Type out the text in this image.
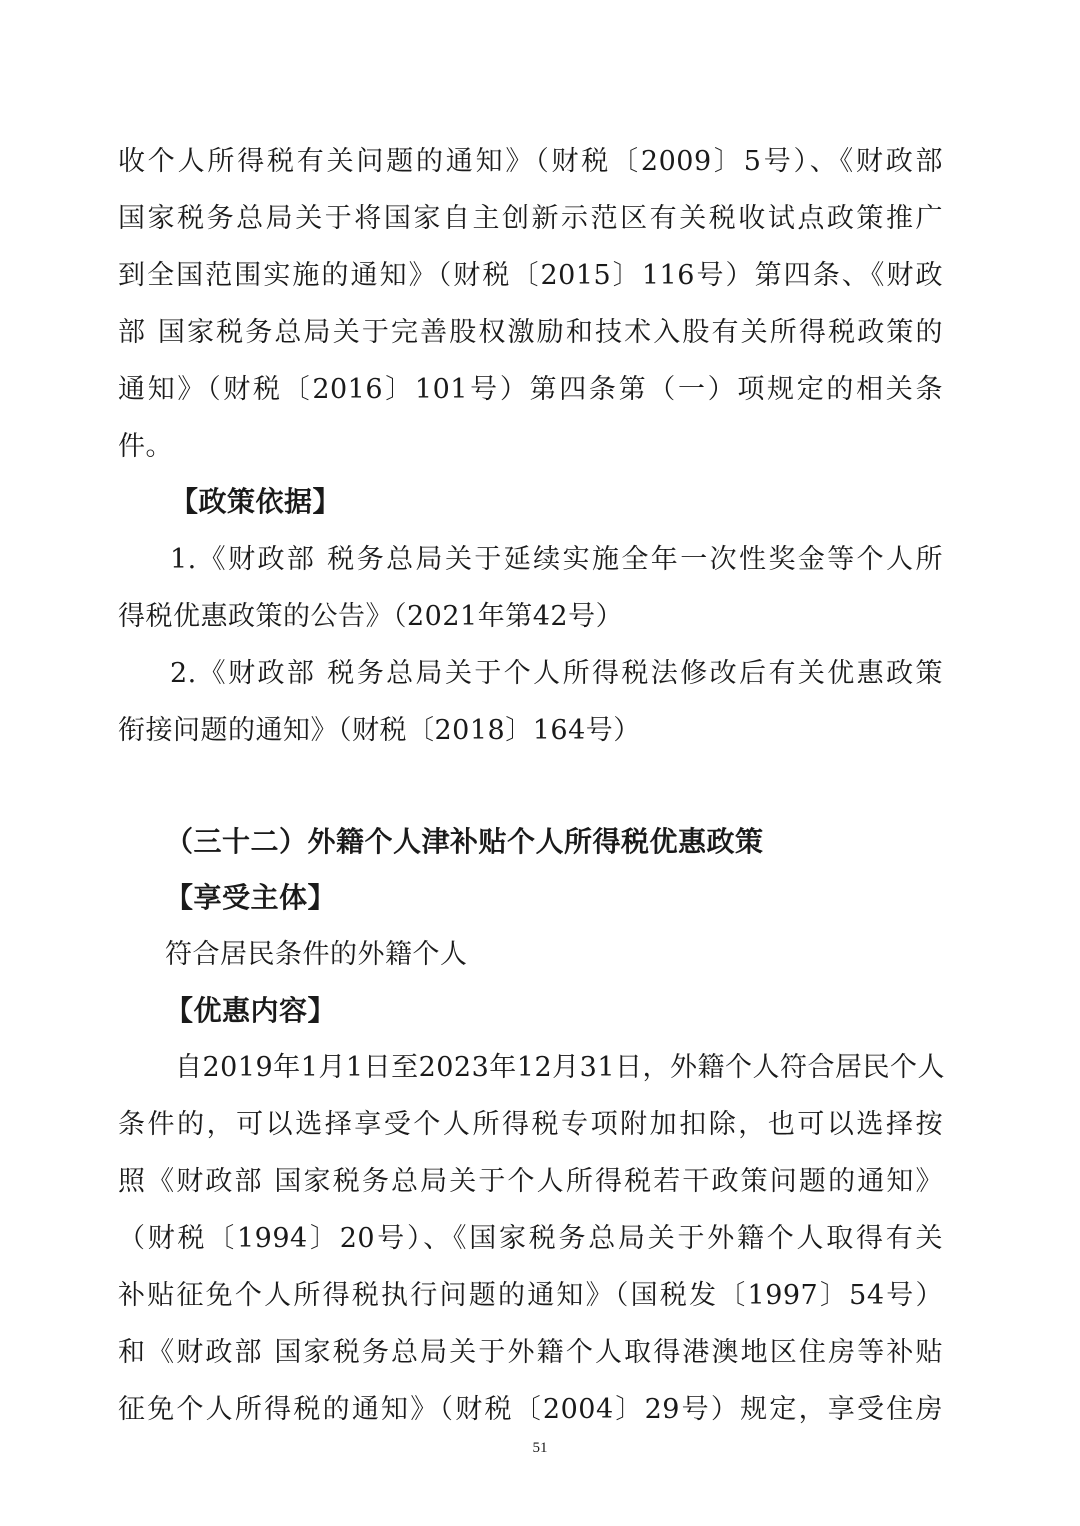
收个人所得税有关问题的通知》（财税〔2009〕5号）、《财政部
国家税务总局关于将国家自主创新示范区有关税收试点政策推广
到全国范围实施的通知》（财税〔2015〕116号）第四条、《财政
部 国家税务总局关于完善股权激励和技术入股有关所得税政策的
通知》（财税〔2016〕101号）第四条第（一）项规定的相关条
件。
【政策依据】
1.《财政部 税务总局关于延续实施全年一次性奖金等个人所
得税优惠政策的公告》（2021年第42号）
2.《财政部 税务总局关于个人所得税法修改后有关优惠政策
衔接问题的通知》（财税〔2018〕164号）
（三十二）外籍个人津补贴个人所得税优惠政策
【享受主体】
符合居民条件的外籍个人
【优惠内容】
自2019年1月1日至2023年12月31日，外籍个人符合居民个人
条件的，可以选择享受个人所得税专项附加扣除，也可以选择按
照《财政部 国家税务总局关于个人所得税若干政策问题的通知》
（财税〔1994〕20号）、《国家税务总局关于外籍个人取得有关
补贴征免个人所得税执行问题的通知》（国税发〔1997〕54号）
和《财政部 国家税务总局关于外籍个人取得港澳地区住房等补贴
征免个人所得税的通知》（财税〔2004〕29号）规定，享受住房
51
